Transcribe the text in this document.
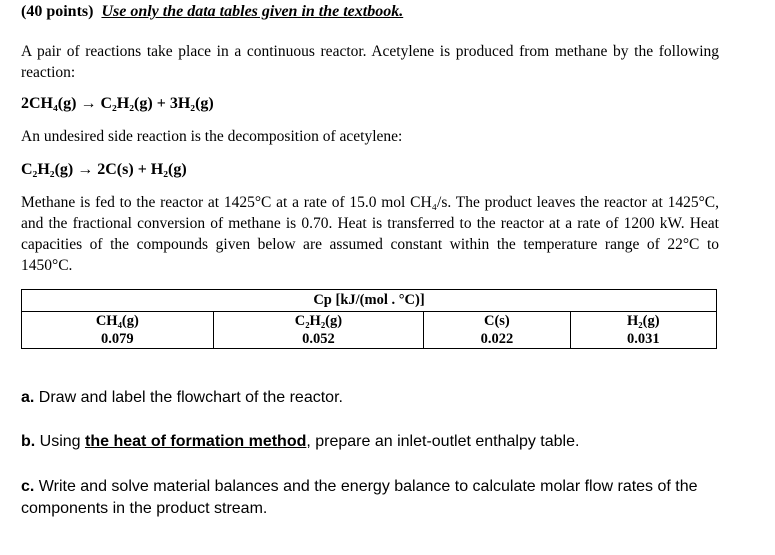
(40 points) Use only the data tables given in the textbook.
A pair of reactions take place in a continuous reactor. Acetylene is produced from methane by the following reaction:
2CH₄(g) → C₂H₂(g) + 3H₂(g)
An undesired side reaction is the decomposition of acetylene:
C₂H₂(g) → 2C(s) + H₂(g)
Methane is fed to the reactor at 1425°C at a rate of 15.0 mol CH₄/s. The product leaves the reactor at 1425°C, and the fractional conversion of methane is 0.70. Heat is transferred to the reactor at a rate of 1200 kW. Heat capacities of the compounds given below are assumed constant within the temperature range of 22°C to 1450°C.
Cp [kJ/(mol . °C)]			
CH₄(g)	C₂H₂(g)	C(s)	H₂(g)
0.079	0.052	0.022	0.031
a. Draw and label the flowchart of the reactor.
b. Using the heat of formation method, prepare an inlet-outlet enthalpy table.
c. Write and solve material balances and the energy balance to calculate molar flow rates of the components in the product stream.
